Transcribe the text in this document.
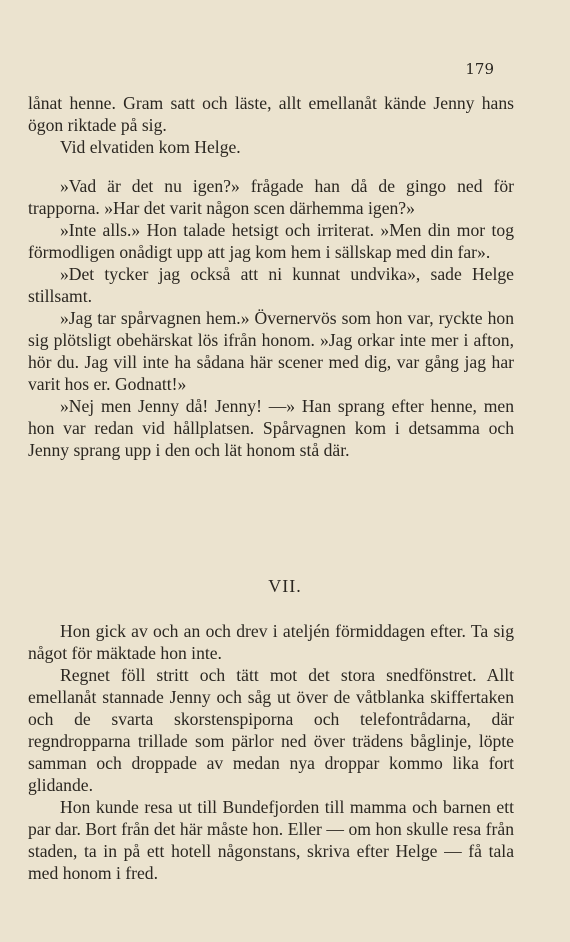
179

lånat henne. Gram satt och läste, allt emellanåt kände Jenny hans ögon riktade på sig.

Vid elvatiden kom Helge.

»Vad är det nu igen?» frågade han då de gingo ned för trapporna. »Har det varit någon scen därhemma igen?»

»Inte alls.» Hon talade hetsigt och irriterat. »Men din mor tog förmodligen onådigt upp att jag kom hem i sällskap med din far».

»Det tycker jag också att ni kunnat undvika», sade Helge stillsamt.

»Jag tar spårvagnen hem.» Övernervös som hon var, ryckte hon sig plötsligt obehärskat lös ifrån honom. »Jag orkar inte mer i afton, hör du. Jag vill inte ha sådana här scener med dig, var gång jag har varit hos er. Godnatt!»

»Nej men Jenny då! Jenny! —» Han sprang efter henne, men hon var redan vid hållplatsen. Spårvagnen kom i detsamma och Jenny sprang upp i den och lät honom stå där.

VII.

Hon gick av och an och drev i ateljén förmiddagen efter. Ta sig något för mäktade hon inte.

Regnet föll stritt och tätt mot det stora snedfönstret. Allt emellanåt stannade Jenny och såg ut över de våtblanka skiffertaken och de svarta skorstenspiporna och telefontrådarna, där regndropparna trillade som pärlor ned över trädens båglinje, löpte samman och droppade av medan nya droppar kommo lika fort glidande.

Hon kunde resa ut till Bundefjorden till mamma och barnen ett par dar. Bort från det här måste hon. Eller — om hon skulle resa från staden, ta in på ett hotell någonstans, skriva efter Helge — få tala med honom i fred.
